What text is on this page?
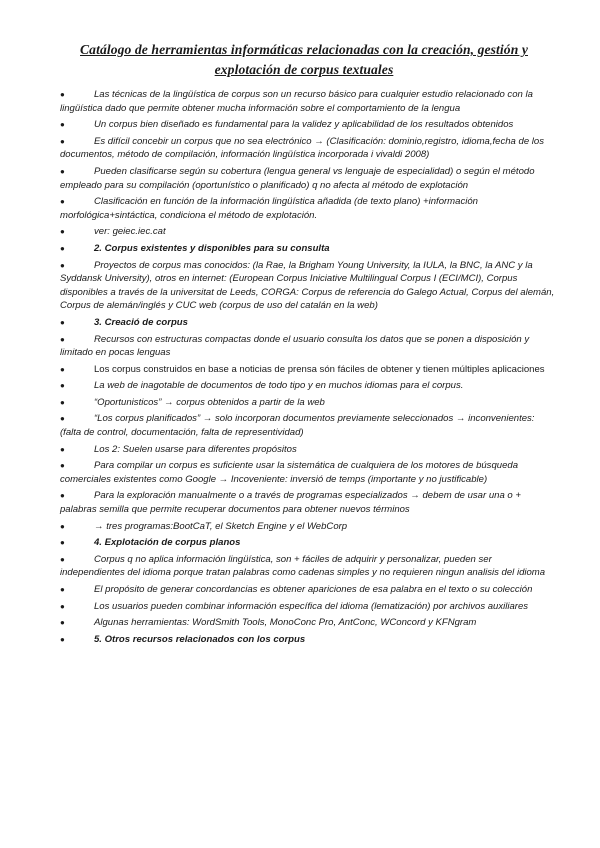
Catálogo de herramientas informáticas relacionadas con la creación, gestión y explotación de corpus textuales
●	Las técnicas de la lingüística de corpus son un recurso básico para cualquier estudio relacionado con la lingüística dado que permite obtener mucha información sobre el comportamiento de la lengua
●	Un corpus bien diseñado es fundamental para la validez y aplicabilidad de los resultados obtenidos
●	Es difícil concebir un corpus que no sea electrónico → (Clasificación: dominio,registro, idioma,fecha de los documentos, método de compilación, información lingüística incorporada i vivaldi 2008)
●	Pueden clasificarse según su cobertura (lengua general vs lenguaje de especialidad) o según el método empleado para su compilación (oportunístico o planificado) q no afecta al método de explotación
●	Clasificación en función de la información lingüística añadida (de texto plano) +información morfológica+sintáctica, condiciona el método de explotación.
●	ver: geiec.iec.cat
●	2. Corpus existentes y disponibles para su consulta
●	Proyectos de corpus mas conocidos: (la Rae, la Brigham Young University, la IULA, la BNC, la ANC y la Syddansk University), otros en internet: (European Corpus Iniciative Multilingual Corpus I (ECI/MCI), Corpus disponibles a través de la universitat de Leeds, CORGA: Corpus de referencia do Galego Actual, Corpus del alemán, Corpus de alemán/inglés y CUC web (corpus de uso del catalán en la web)
●	3. Creació de corpus
●	Recursos con estructuras compactas donde el usuario consulta los datos que se ponen a disposición y limitado en pocas lenguas
●	Los corpus construidos en base a noticias de prensa són fáciles de obtener y tienen múltiples aplicaciones
●	La web de inagotable de documentos de todo tipo y en muchos idiomas para el corpus.
●	“Oportunisticos” → corpus obtenidos a partir de la web
●	“Los corpus planificados” → solo incorporan documentos previamente seleccionados → inconvenientes: (falta de control, documentación, falta de representividad)
●	Los 2: Suelen usarse para diferentes propósitos
●	Para compilar un corpus es suficiente usar la sistemática de cualquiera de los motores de búsqueda comerciales existentes como Google → Incoveniente: inversió de temps (importante y no justificable)
●	Para la exploración manualmente o a través de programas especializados → debem de usar una o + palabras semilla que permite recuperar documentos para obtener nuevos términos
●	→ tres programas:BootCaT, el Sketch Engine y el WebCorp
●	4. Explotación de corpus planos
●	Corpus q no aplica información lingüística, son + fáciles de adquirir y personalizar, pueden ser independientes del idioma porque tratan palabras como cadenas simples y no requieren ningun analisis del idioma
●	El propósito de generar concordancias es obtener apariciones de esa palabra en el texto o su colección
●	Los usuarios pueden combinar información específica del idioma (lematización) por archivos auxiliares
●	Algunas herramientas: WordSmith Tools, MonoConc Pro, AntConc, WConcord y KFNgram
●	5. Otros recursos relacionados con los corpus
